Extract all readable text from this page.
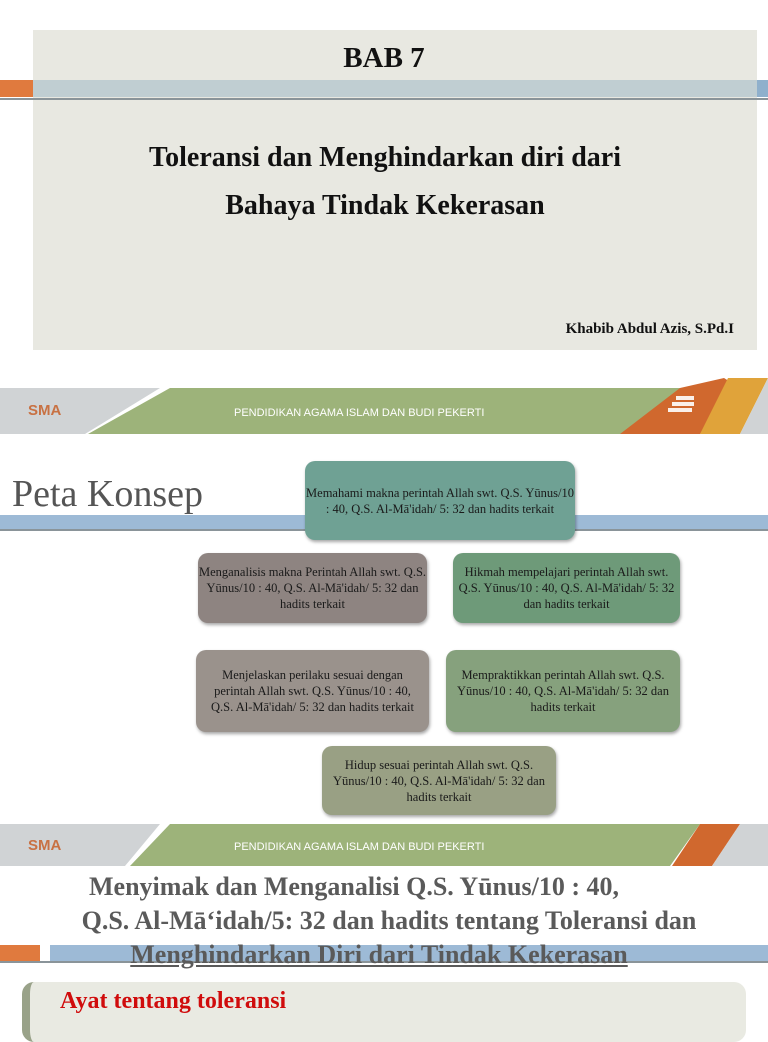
BAB 7
Toleransi dan Menghindarkan diri dari
Bahaya Tindak Kekerasan
Khabib Abdul Azis, S.Pd.I
SMA	PENDIDIKAN AGAMA ISLAM DAN BUDI PEKERTI
Peta Konsep	Memahami makna perintah Allah swt. Q.S. Yūnus/10 : 40, Q.S. Al-Mā'idah/ 5: 32 dan hadits terkait
Menganalisis makna Perintah Allah swt. Q.S. Yūnus/10 : 40, Q.S. Al-Mā'idah/ 5: 32 dan hadits terkait
Hikmah mempelajari perintah Allah swt. Q.S. Yūnus/10 : 40, Q.S. Al-Mā'idah/ 5: 32 dan hadits terkait
Menjelaskan perilaku sesuai dengan perintah Allah swt. Q.S. Yūnus/10 : 40, Q.S. Al-Mā'idah/ 5: 32 dan hadits terkait
Mempraktikkan perintah Allah swt. Q.S. Yūnus/10 : 40, Q.S. Al-Mā'idah/ 5: 32 dan hadits terkait
Hidup sesuai perintah Allah swt. Q.S. Yūnus/10 : 40, Q.S. Al-Mā'idah/ 5: 32 dan hadits terkait
SMA	PENDIDIKAN AGAMA ISLAM DAN BUDI PEKERTI
Menyimak dan Menganalisi Q.S. Yūnus/10 : 40,
Q.S. Al-Mā‘idah/5: 32 dan hadits tentang Toleransi dan
Menghindarkan Diri dari Tindak Kekerasan
Ayat tentang toleransi
